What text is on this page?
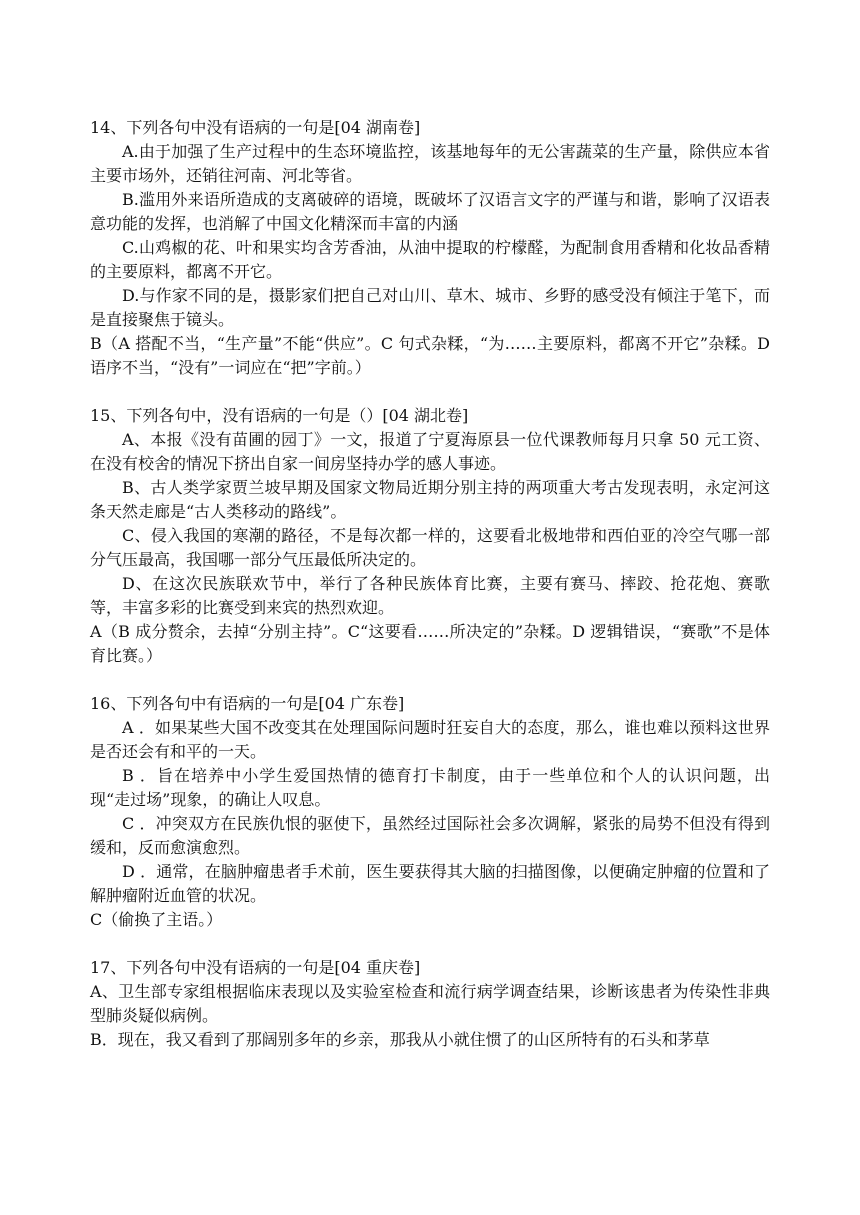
14、下列各句中没有语病的一句是[04 湖南卷]

A.由于加强了生产过程中的生态环境监控，该基地每年的无公害蔬菜的生产量，除供应本省主要市场外，还销往河南、河北等省。

B.滥用外来语所造成的支离破碎的语境，既破坏了汉语言文字的严谨与和谐，影响了汉语表意功能的发挥，也消解了中国文化精深而丰富的内涵

C.山鸡椒的花、叶和果实均含芳香油，从油中提取的柠檬醛，为配制食用香精和化妆品香精的主要原料，都离不开它。

D.与作家不同的是，摄影家们把自己对山川、草木、城市、乡野的感受没有倾注于笔下，而是直接聚焦于镜头。

B（A 搭配不当，“生产量”不能“供应”。C 句式杂糅，“为……主要原料，都离不开它”杂糅。D 语序不当，“没有”一词应在“把”字前。）

15、下列各句中，没有语病的一句是（）[04 湖北卷]

A、本报《没有苗圃的园丁》一文，报道了宁夏海原县一位代课教师每月只拿 50 元工资、在没有校舍的情况下挤出自家一间房坚持办学的感人事迹。

B、古人类学家贾兰坡早期及国家文物局近期分别主持的两项重大考古发现表明，永定河这条天然走廊是“古人类移动的路线”。

C、侵入我国的寒潮的路径，不是每次都一样的，这要看北极地带和西伯亚的冷空气哪一部分气压最高，我国哪一部分气压最低所决定的。

D、在这次民族联欢节中，举行了各种民族体育比赛，主要有赛马、摔跤、抢花炮、赛歌等，丰富多彩的比赛受到来宾的热烈欢迎。

A（B 成分赘余，去掉“分别主持”。C“这要看……所决定的”杂糅。D 逻辑错误，“赛歌”不是体育比赛。）

16、下列各句中有语病的一句是[04 广东卷]

A ．如果某些大国不改变其在处理国际问题时狂妄自大的态度，那么，谁也难以预料这世界是否还会有和平的一天。

B ．旨在培养中小学生爱国热情的德育打卡制度，由于一些单位和个人的认识问题，出现“走过场”现象，的确让人叹息。

C ．冲突双方在民族仇恨的驱使下，虽然经过国际社会多次调解，紧张的局势不但没有得到缓和，反而愈演愈烈。

D ．通常，在脑肿瘤患者手术前，医生要获得其大脑的扫描图像，以便确定肿瘤的位置和了解肿瘤附近血管的状况。

C（偷换了主语。）

17、下列各句中没有语病的一句是[04 重庆卷]

A、卫生部专家组根据临床表现以及实验室检查和流行病学调查结果，诊断该患者为传染性非典型肺炎疑似病例。

B．现在，我又看到了那阔别多年的乡亲，那我从小就住惯了的山区所特有的石头和茅草
